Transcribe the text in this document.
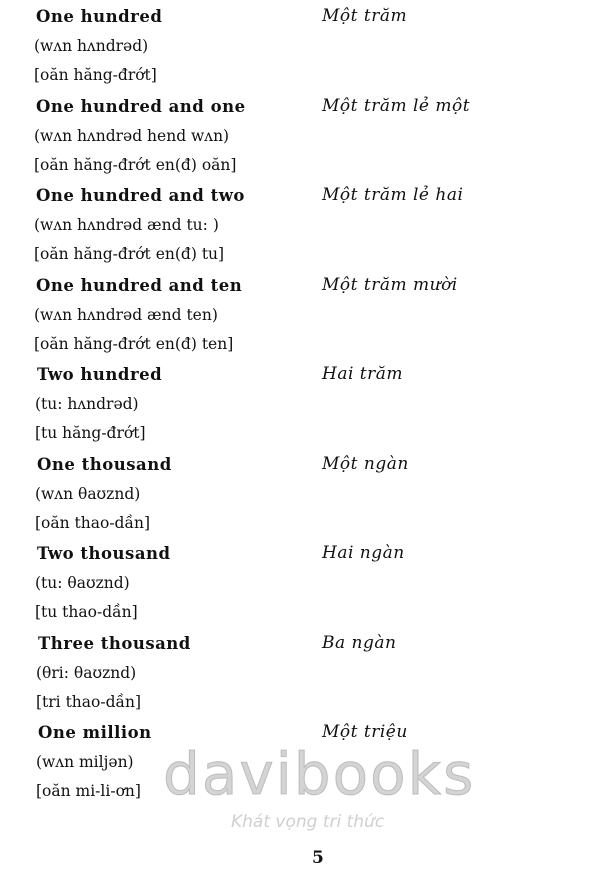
One hundred
(wʌn hʌndrəd)
[oăn hăng-đrớt]
Một trăm
One hundred and one
(wʌn hʌndrəd hend wʌn)
[oăn hăng-đrớt en(đ) oăn]
Một trăm lẻ một
One hundred and two
(wʌn hʌndrəd ænd tu: )
[oăn hăng-đrớt en(đ) tu]
Một trăm lẻ hai
One hundred and ten
(wʌn hʌndrəd ænd ten)
[oăn hăng-đrớt en(đ) ten]
Một trăm mười
Two hundred
(tu: hʌndrəd)
[tu hăng-đrớt]
Hai trăm
One thousand
(wʌn θaʊznd)
[oăn thao-dần]
Một ngàn
Two thousand
(tu: θaʊznd)
[tu thao-dần]
Hai ngàn
Three thousand
(θri: θaʊznd)
[tri thao-dần]
Ba ngàn
One million
(wʌn miljən)
[oăn mi-li-ơn]
Một triệu
davibooks
Khát vọng tri thức
5
